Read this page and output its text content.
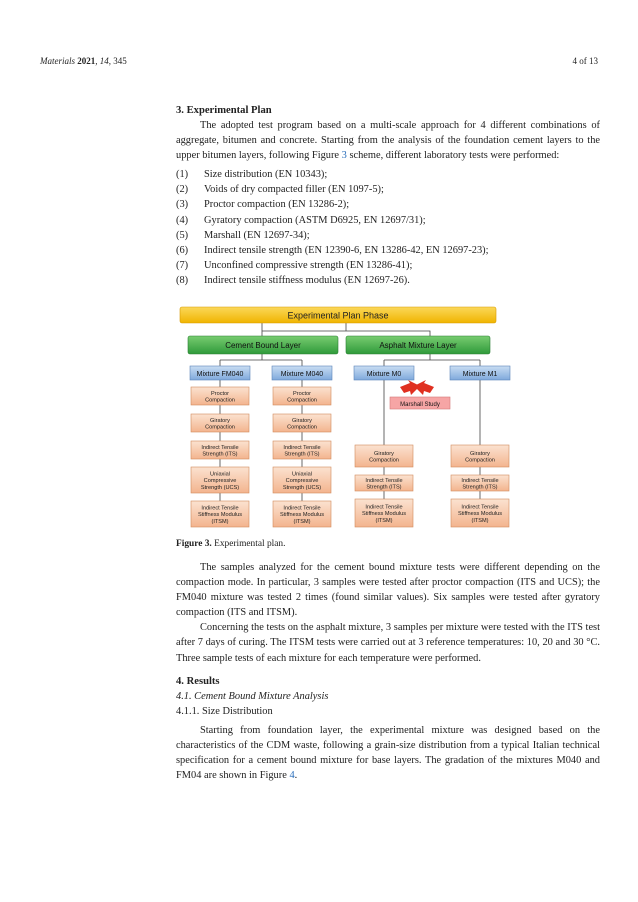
Materials 2021, 14, 345	4 of 13
3. Experimental Plan

The adopted test program based on a multi-scale approach for 4 different combinations of aggregate, bitumen and concrete. Starting from the analysis of the foundation cement layers to the upper bitumen layers, following Figure 3 scheme, different laboratory tests were performed:

(1) Size distribution (EN 10343);
(2) Voids of dry compacted filler (EN 1097-5);
(3) Proctor compaction (EN 13286-2);
(4) Gyratory compaction (ASTM D6925, EN 12697/31);
(5) Marshall (EN 12697-34);
(6) Indirect tensile strength (EN 12390-6, EN 13286-42, EN 12697-23);
(7) Unconfined compressive strength (EN 13286-41);
(8) Indirect tensile stiffness modulus (EN 12697-26).
Experimental Plan Phase
Cement Bound Layer	Asphalt Mixture Layer
Mixture FM040	Mixture M040	Mixture M0	Mixture M1
Marshall Study
Proctor
Compaction
Proctor
Compaction
Giratory
Compaction
Giratory
Compaction
Indirect Tensile
Strength (ITS)
Indirect Tensile
Strength (ITS)
Uniaxial
Compressive
Strength (UCS)
Uniaxial
Compressive
Strength (UCS)
Indirect Tensile
Stiffness Modulus
(ITSM)
Indirect Tensile
Stiffness Modulus
(ITSM)
Giratory
Compaction
Giratory
Compaction
Indirect Tensile
Strength (ITS)
Indirect Tensile
Strength (ITS)
Indirect Tensile
Stiffness Modulus
(ITSM)
Indirect Tensile
Stiffness Modulus
(ITSM)
Figure 3. Experimental plan.

The samples analyzed for the cement bound mixture tests were different depending on the compaction mode. In particular, 3 samples were tested after proctor compaction (ITS and UCS); the FM040 mixture was tested 2 times (found similar values). Six samples were tested after gyratory compaction (ITS and ITSM).

Concerning the tests on the asphalt mixture, 3 samples per mixture were tested with the ITS test after 7 days of curing. The ITSM tests were carried out at 3 reference temperatures: 10, 20 and 30 °C. Three sample tests of each mixture for each temperature were performed.

4. Results
4.1. Cement Bound Mixture Analysis
4.1.1. Size Distribution

Starting from foundation layer, the experimental mixture was designed based on the characteristics of the CDM waste, following a grain-size distribution from a typical Italian technical specification for a cement bound mixture for base layers. The gradation of the mixtures M040 and FM04 are shown in Figure 4.
